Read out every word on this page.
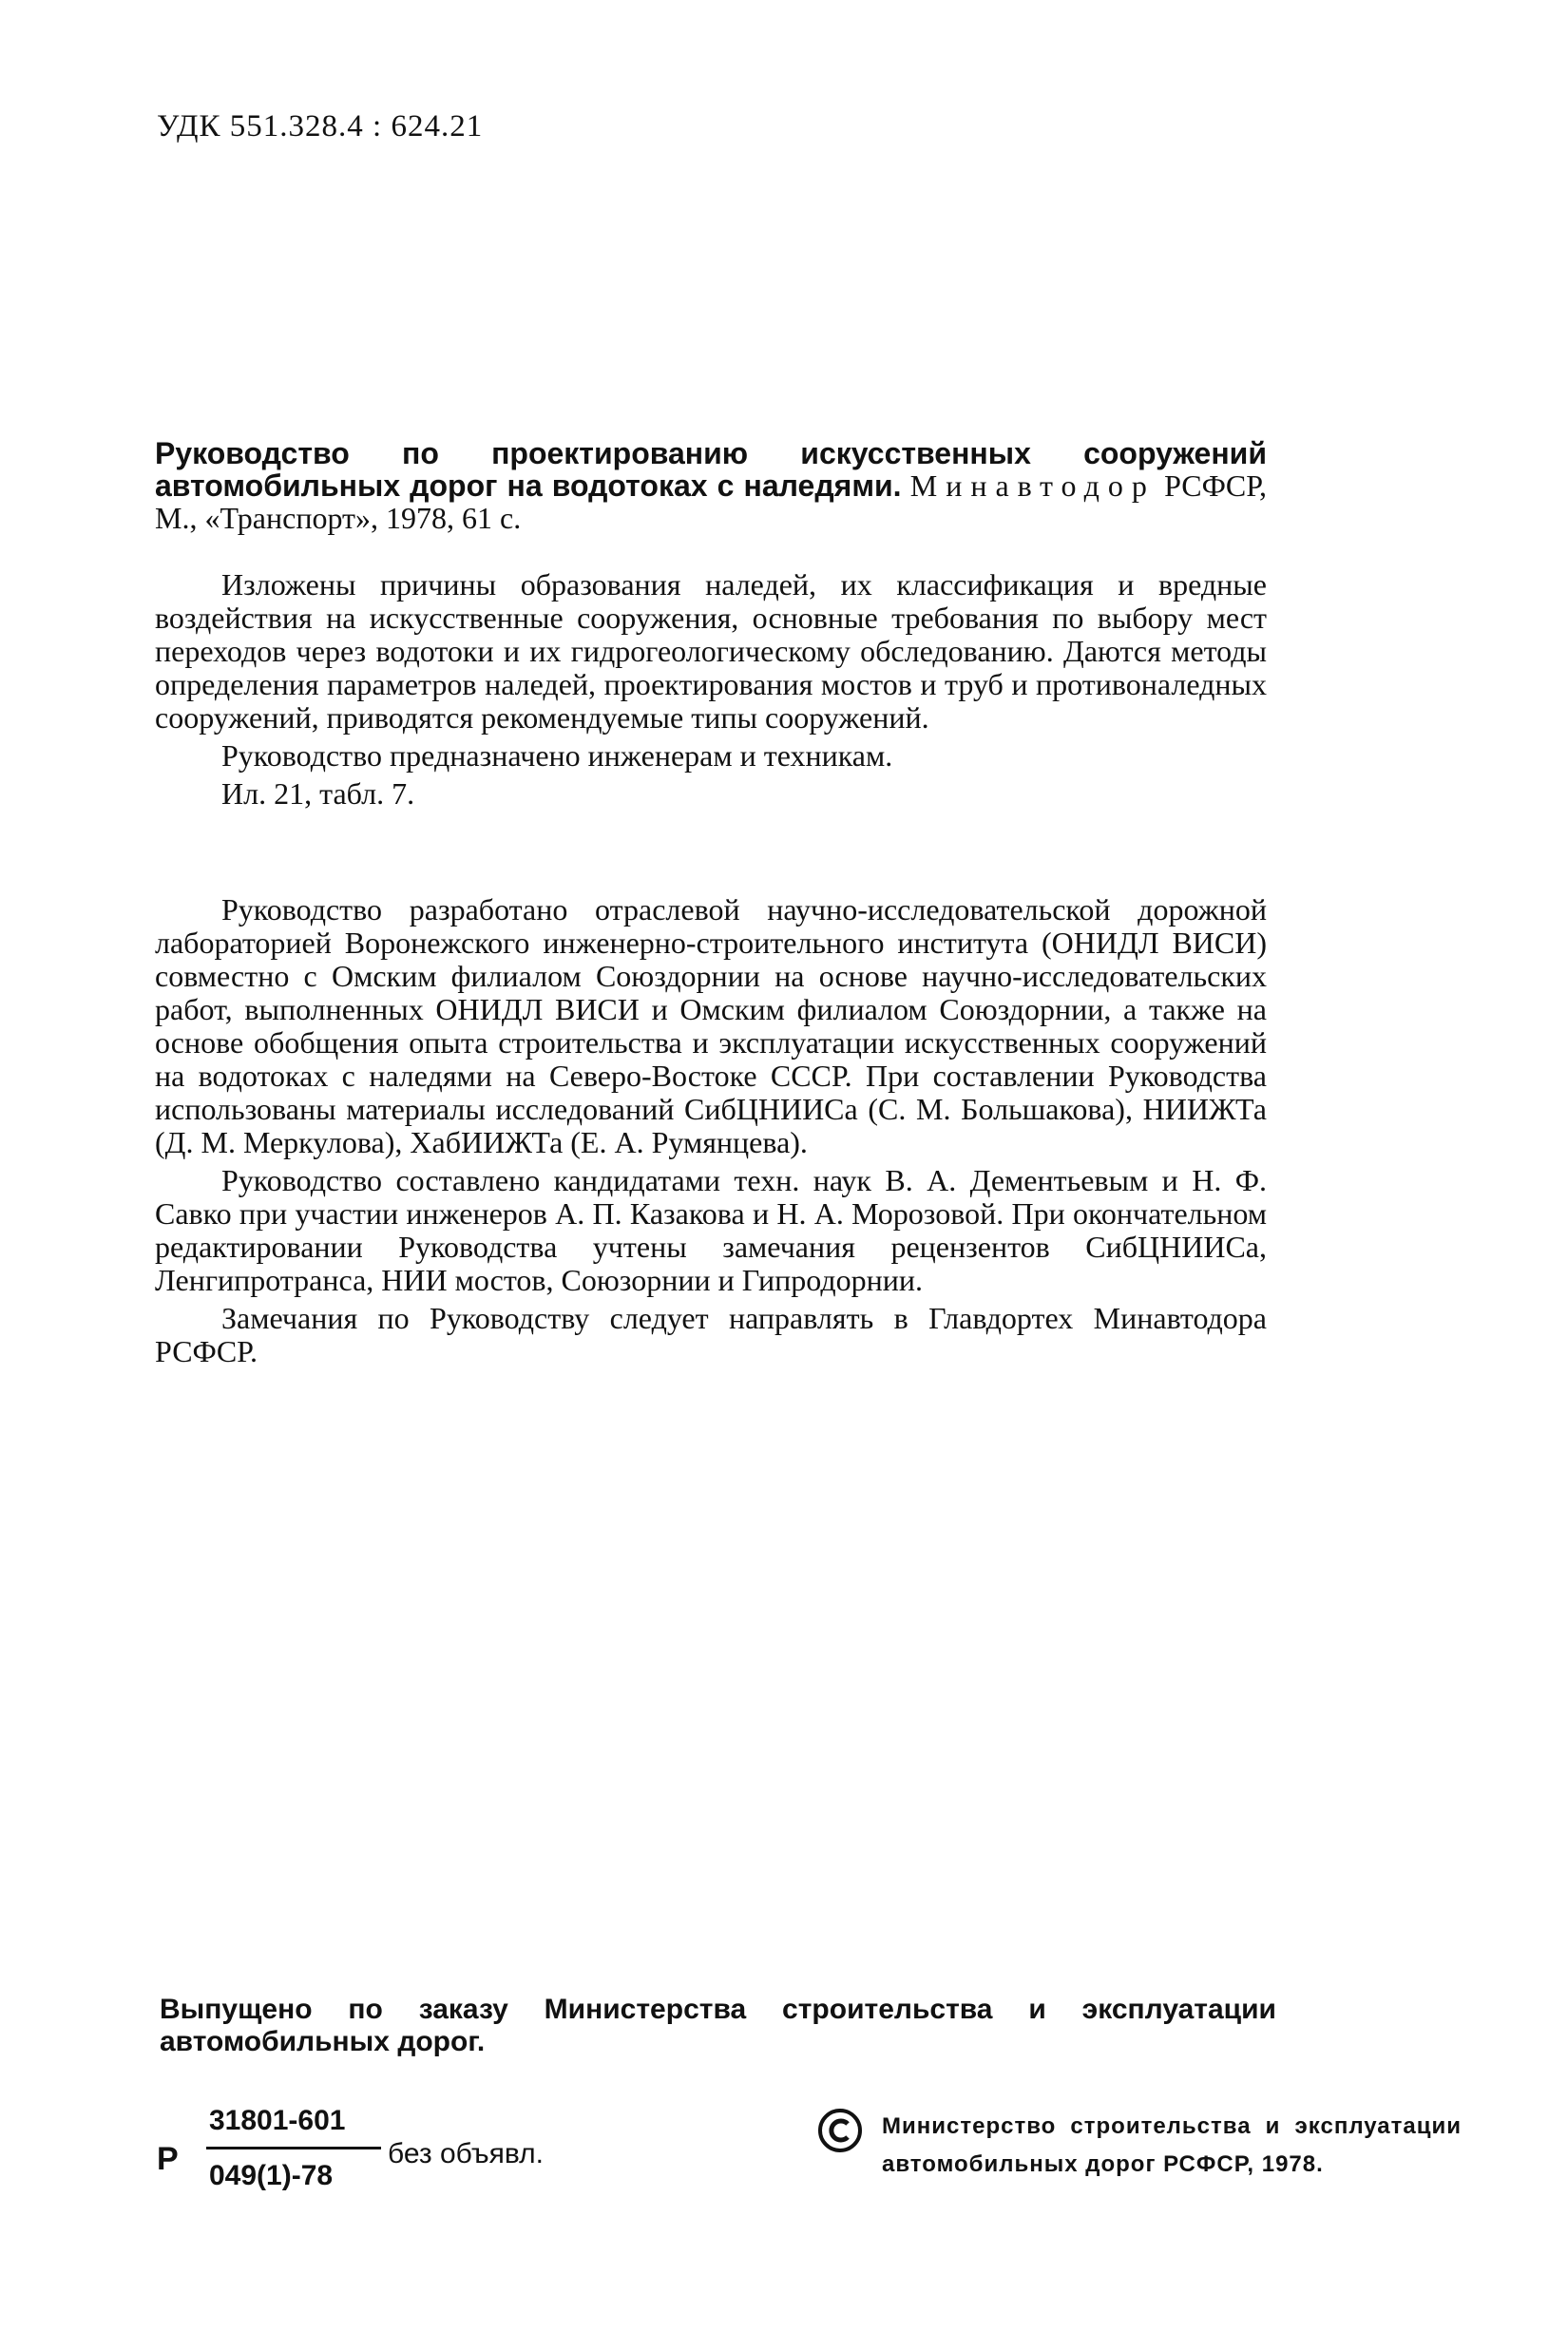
УДК 551.328.4 : 624.21
Руководство по проектированию искусственных сооружений автомобильных дорог на водотоках с наледями. Минавтодор РСФСР, М., «Транспорт», 1978, 61 с.

Изложены причины образования наледей, их классификация и вредные воздействия на искусственные сооружения, основные требования по выбору мест переходов через водотоки и их гидрогеологическому обследованию. Даются методы определения параметров наледей, проектирования мостов и труб и противоналедных сооружений, приводятся рекомендуемые типы сооружений.

Руководство предназначено инженерам и техникам.

Ил. 21, табл. 7.

Руководство разработано отраслевой научно-исследовательской дорожной лабораторией Воронежского инженерно-строительного института (ОНИДЛ ВИСИ) совместно с Омским филиалом Союздорнии на основе научно-исследовательских работ, выполненных ОНИДЛ ВИСИ и Омским филиалом Союздорнии, а также на основе обобщения опыта строительства и эксплуатации искусственных сооружений на водотоках с наледями на Северо-Востоке СССР. При составлении Руководства использованы материалы исследований СибЦНИИСа (С. М. Большакова), НИИЖТа (Д. М. Меркулова), ХабИИЖТа (Е. А. Румянцева).

Руководство составлено кандидатами техн. наук В. А. Дементьевым и Н. Ф. Савко при участии инженеров А. П. Казакова и Н. А. Морозовой. При окончательном редактировании Руководства учтены замечания рецензентов СибЦНИИСа, Ленгипротранса, НИИ мостов, Союзорнии и Гипродорнии.

Замечания по Руководству следует направлять в Главдортех Минавтодора РСФСР.

Выпущено по заказу Министерства строительства и эксплуатации автомобильных дорог.
Р
31801-601
049(1)-78
без объявл.
Министерство строительства и эксплуатации автомобильных дорог РСФСР, 1978.
